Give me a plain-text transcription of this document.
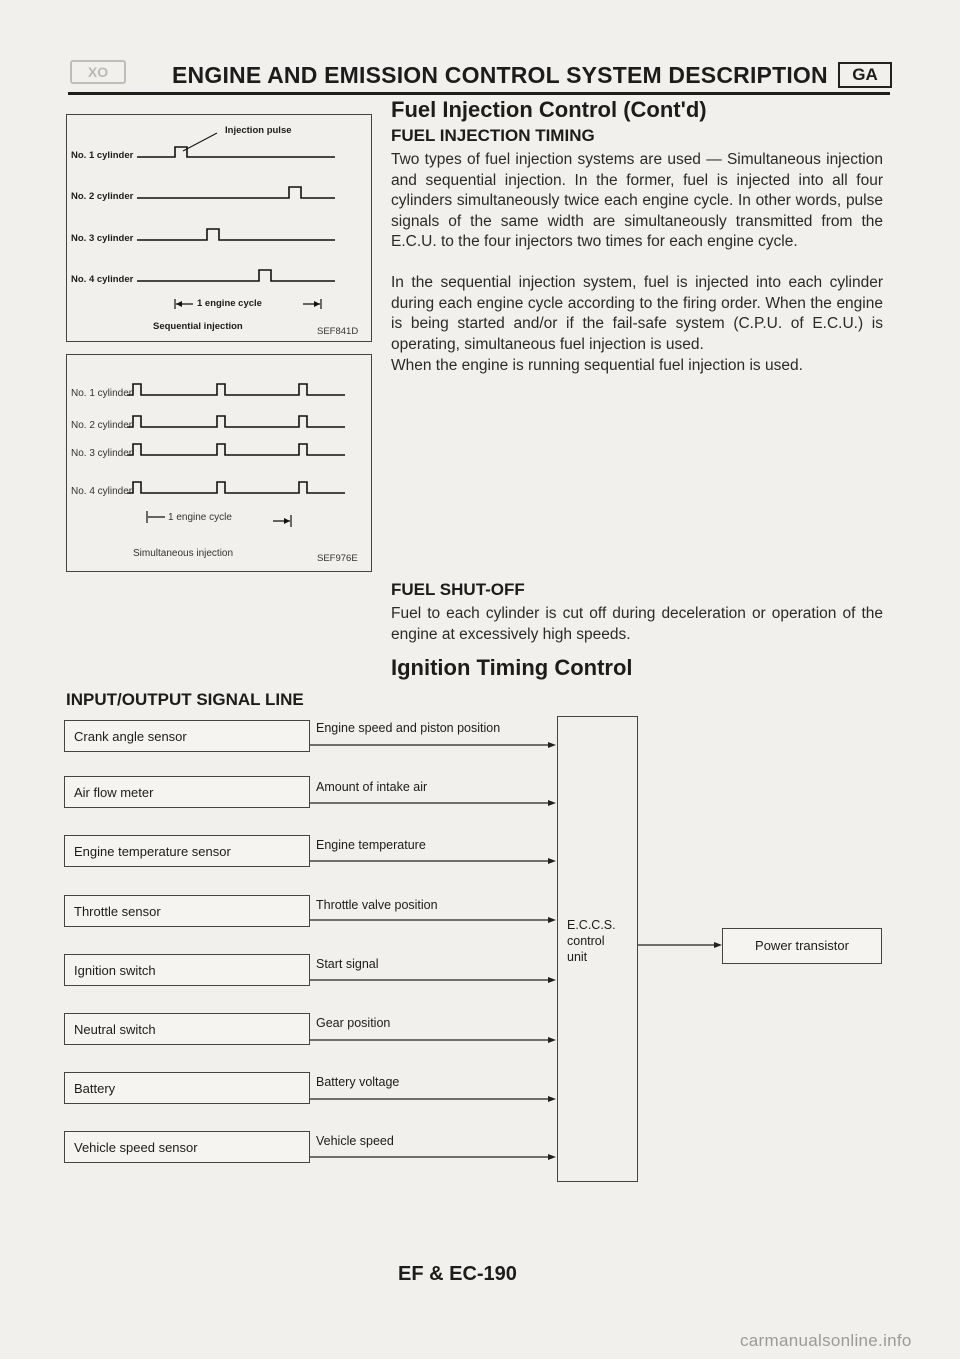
XO	ENGINE AND EMISSION CONTROL SYSTEM DESCRIPTION	GA
Fuel Injection Control (Cont'd)
FUEL INJECTION TIMING
Two types of fuel injection systems are used — Simultaneous injection and sequential injection. In the former, fuel is injected into all four cylinders simultaneously twice each engine cycle. In other words, pulse signals of the same width are simultaneously transmitted from the E.C.U. to the four injectors two times for each engine cycle.
In the sequential injection system, fuel is injected into each cylinder during each engine cycle according to the firing order. When the engine is being started and/or if the fail-safe system (C.P.U. of E.C.U.) is operating, simultaneous fuel injection is used.
When the engine is running sequential fuel injection is used.
Injection pulse
No. 1 cylinder
No. 2 cylinder
No. 3 cylinder
No. 4 cylinder
1 engine cycle
Sequential injection	SEF841D
No. 1 cylinder
No. 2 cylinder
No. 3 cylinder
No. 4 cylinder
1 engine cycle
Simultaneous injection	SEF976E
FUEL SHUT-OFF
Fuel to each cylinder is cut off during deceleration or operation of the engine at excessively high speeds.
Ignition Timing Control
INPUT/OUTPUT SIGNAL LINE
Crank angle sensor
Air flow meter
Engine temperature sensor
Throttle sensor
Ignition switch
Neutral switch
Battery
Vehicle speed sensor
Engine speed and piston position
Amount of intake air
Engine temperature
Throttle valve position
Start signal
Gear position
Battery voltage
Vehicle speed
E.C.C.S.
control
unit
Power transistor
EF & EC-190
carmanualsonline.info
